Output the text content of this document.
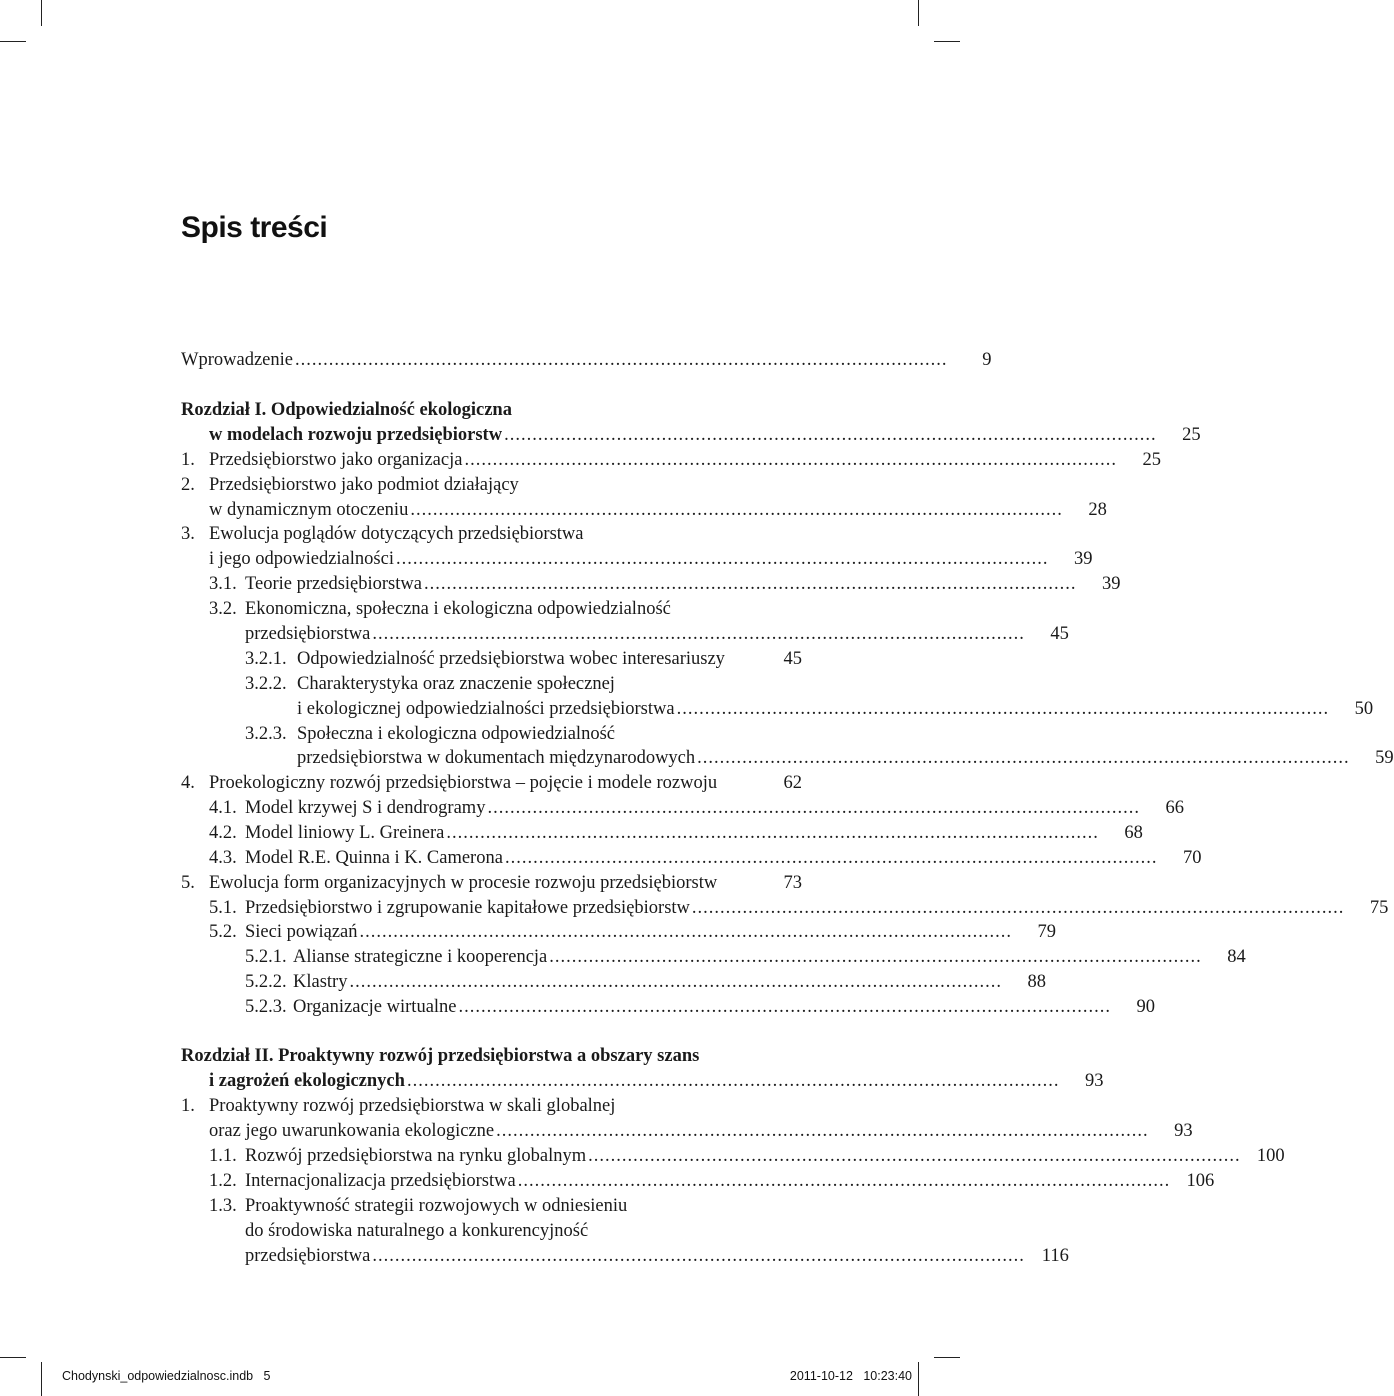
Spis treści
Wprowadzenie ....................................................................................................................	9
Rozdział I. Odpowiedzialność ekologiczna
w modelach rozwoju przedsiębiorstw ....................................................................................................................	25
1. Przedsiębiorstwo jako organizacja ....................................................................................................................	25
2. Przedsiębiorstwo jako podmiot działający
w dynamicznym otoczeniu ....................................................................................................................	28
3. Ewolucja poglądów dotyczących przedsiębiorstwa
i jego odpowiedzialności ....................................................................................................................	39
3.1. Teorie przedsiębiorstwa ....................................................................................................................	39
3.2. Ekonomiczna, społeczna i ekologiczna odpowiedzialność
przedsiębiorstwa ....................................................................................................................	45
3.2.1. Odpowiedzialność przedsiębiorstwa wobec interesariuszy	45
3.2.2. Charakterystyka oraz znaczenie społecznej
i ekologicznej odpowiedzialności przedsiębiorstwa ....................................................................................................................	50
3.2.3. Społeczna i ekologiczna odpowiedzialność
przedsiębiorstwa w dokumentach międzynarodowych ....................................................................................................................	59
4. Proekologiczny rozwój przedsiębiorstwa – pojęcie i modele rozwoju	62
4.1. Model krzywej S i dendrogramy ....................................................................................................................	66
4.2. Model liniowy L. Greinera ....................................................................................................................	68
4.3. Model R.E. Quinna i K. Camerona ....................................................................................................................	70
5. Ewolucja form organizacyjnych w procesie rozwoju przedsiębiorstw	73
5.1. Przedsiębiorstwo i zgrupowanie kapitałowe przedsiębiorstw ....................................................................................................................	75
5.2. Sieci powiązań ....................................................................................................................	79
5.2.1. Alianse strategiczne i kooperencja ....................................................................................................................	84
5.2.2. Klastry ....................................................................................................................	88
5.2.3. Organizacje wirtualne ....................................................................................................................	90
Rozdział II. Proaktywny rozwój przedsiębiorstwa a obszary szans
i zagrożeń ekologicznych ....................................................................................................................	93
1. Proaktywny rozwój przedsiębiorstwa w skali globalnej
oraz jego uwarunkowania ekologiczne ....................................................................................................................	93
1.1. Rozwój przedsiębiorstwa na rynku globalnym .................................................................................................................... 100
1.2. Internacjonalizacja przedsiębiorstwa .................................................................................................................... 106
1.3. Proaktywność strategii rozwojowych w odniesieniu
do środowiska naturalnego a konkurencyjność
przedsiębiorstwa .................................................................................................................... 116
Chodynski_odpowiedzialnosc.indb   5	2011-10-12   10:23:40
